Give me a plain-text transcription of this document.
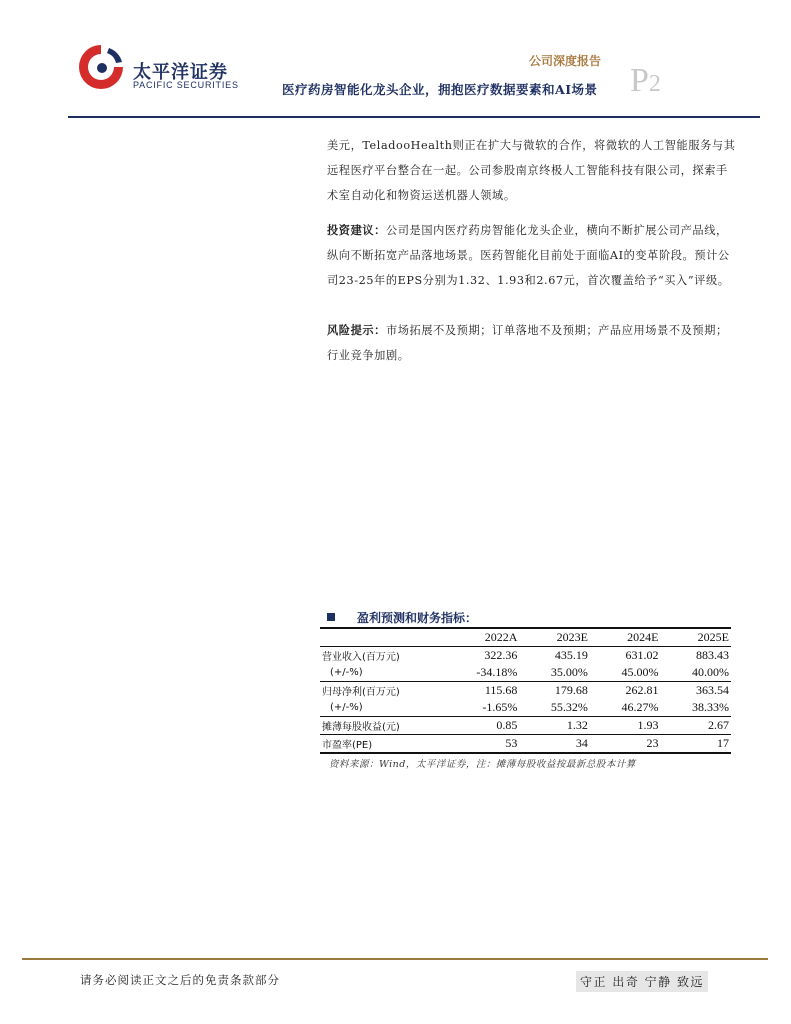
太平洋证券
PACIFIC SECURITIES
公司深度报告
P2
医疗药房智能化龙头企业，拥抱医疗数据要素和AI场景
美元，TeladooHealth则正在扩大与微软的合作，将微软的人工智能服务与其远程医疗平台整合在一起。公司参股南京终极人工智能科技有限公司，探索手术室自动化和物资运送机器人领域。
投资建议：公司是国内医疗药房智能化龙头企业，横向不断扩展公司产品线，纵向不断拓宽产品落地场景。医药智能化目前处于面临AI的变革阶段。预计公司23-25年的EPS分别为1.32、1.93和2.67元，首次覆盖给予“买入”评级。
风险提示：市场拓展不及预期；订单落地不及预期；产品应用场景不及预期；行业竞争加剧。
盈利预测和财务指标：
	2022A	2023E	2024E	2025E
营业收入(百万元)	322.36	435.19	631.02	883.43
(+/-%)	-34.18%	35.00%	45.00%	40.00%
归母净利(百万元)	115.68	179.68	262.81	363.54
(+/-%)	-1.65%	55.32%	46.27%	38.33%
摊薄每股收益(元)	0.85	1.32	1.93	2.67
市盈率(PE)	53	34	23	17
资料来源：Wind，太平洋证券，注：摊薄每股收益按最新总股本计算
请务必阅读正文之后的免责条款部分	守正 出奇 宁静 致远
